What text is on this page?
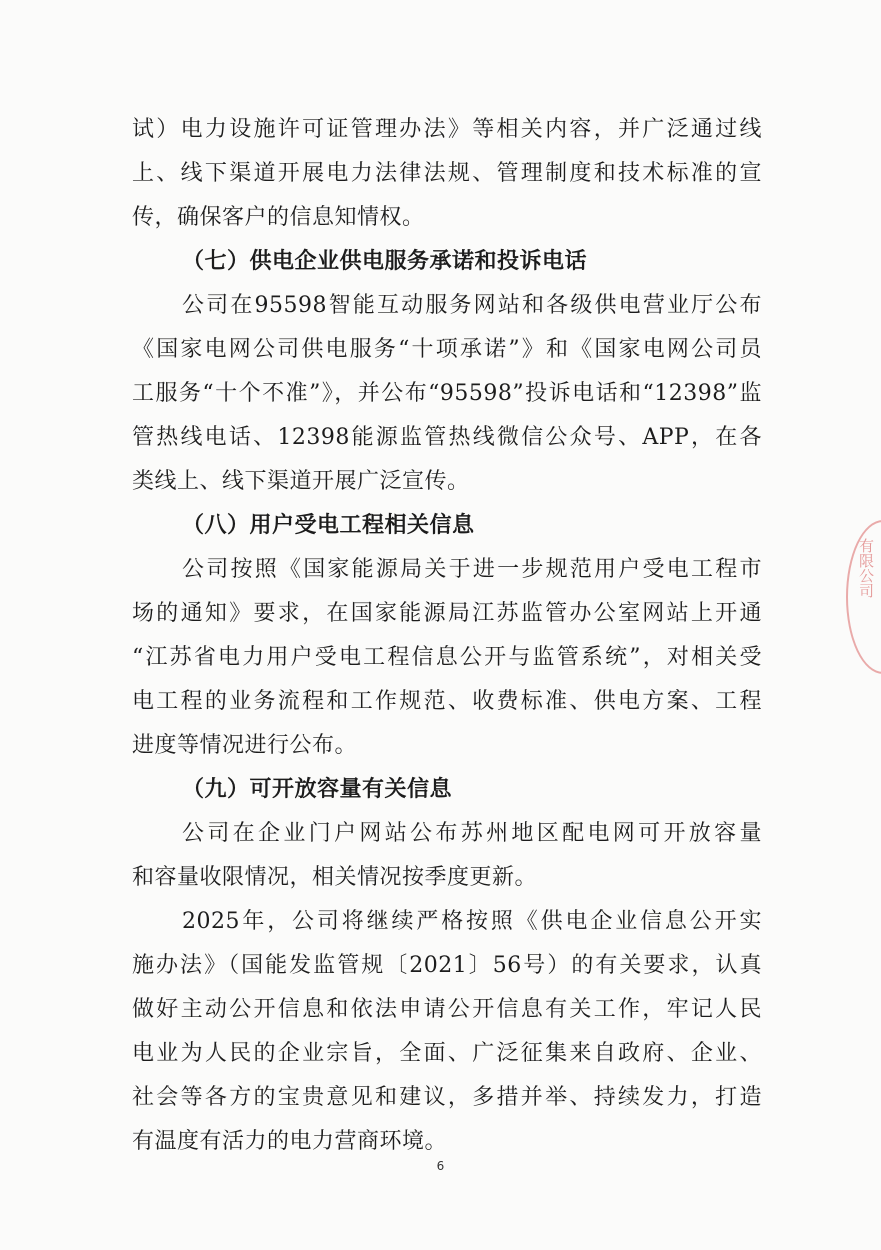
试）电力设施许可证管理办法》等相关内容，并广泛通过线
上、线下渠道开展电力法律法规、管理制度和技术标准的宣
传，确保客户的信息知情权。
（七）供电企业供电服务承诺和投诉电话
公司在95598智能互动服务网站和各级供电营业厅公布
《国家电网公司供电服务“十项承诺”》和《国家电网公司员
工服务“十个不准”》，并公布“95598”投诉电话和“12398”监
管热线电话、12398能源监管热线微信公众号、APP，在各
类线上、线下渠道开展广泛宣传。
（八）用户受电工程相关信息
公司按照《国家能源局关于进一步规范用户受电工程市
场的通知》要求，在国家能源局江苏监管办公室网站上开通
“江苏省电力用户受电工程信息公开与监管系统”，对相关受
电工程的业务流程和工作规范、收费标准、供电方案、工程
进度等情况进行公布。
（九）可开放容量有关信息
公司在企业门户网站公布苏州地区配电网可开放容量
和容量收限情况，相关情况按季度更新。
2025年，公司将继续严格按照《供电企业信息公开实
施办法》（国能发监管规〔2021〕56号）的有关要求，认真
做好主动公开信息和依法申请公开信息有关工作，牢记人民
电业为人民的企业宗旨，全面、广泛征集来自政府、企业、
社会等各方的宝贵意见和建议，多措并举、持续发力，打造
有温度有活力的电力营商环境。
6
有限公司
